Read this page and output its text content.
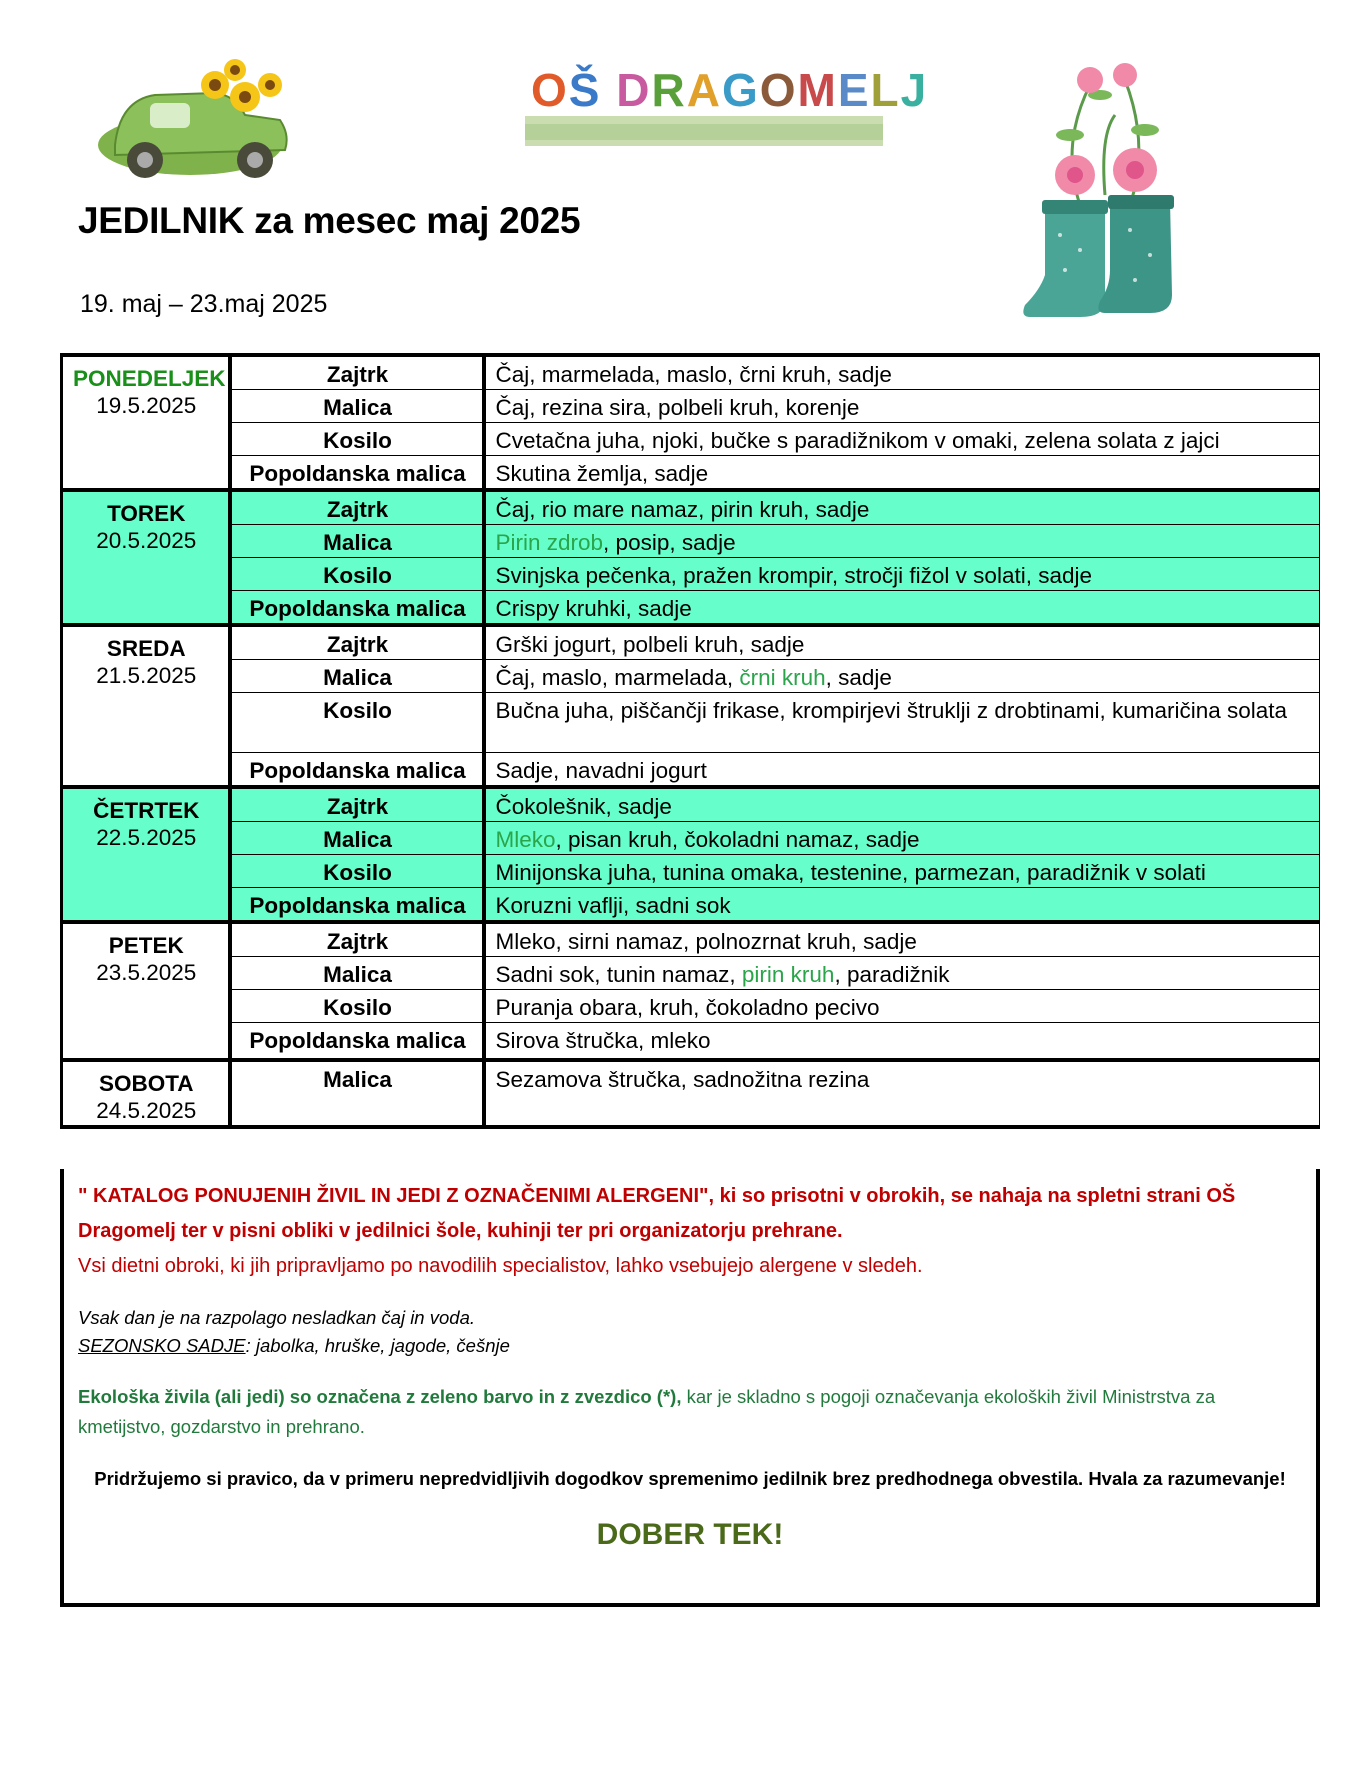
OŠ DRAGOMELJ
JEDILNIK za mesec maj 2025
19. maj – 23.maj 2025
PONEDELJEK
19.5.2025	Zajtrk	Čaj, marmelada, maslo, črni kruh, sadje
	Malica	Čaj, rezina sira, polbeli kruh, korenje
	Kosilo	Cvetačna juha, njoki, bučke s paradižnikom v omaki, zelena solata z jajci
	Popoldanska malica	Skutina žemlja, sadje

TOREK
20.5.2025	Zajtrk	Čaj, rio mare namaz, pirin kruh, sadje
	Malica	Pirin zdrob, posip, sadje
	Kosilo	Svinjska pečenka, pražen krompir, stročji fižol v solati, sadje
	Popoldanska malica	Crispy kruhki, sadje

SREDA
21.5.2025	Zajtrk	Grški jogurt, polbeli kruh, sadje
	Malica	Čaj, maslo, marmelada, črni kruh, sadje
	Kosilo	Bučna juha, piščančji frikase, krompirjevi štruklji z drobtinami, kumaričina solata
	Popoldanska malica	Sadje, navadni jogurt

ČETRTEK
22.5.2025	Zajtrk	Čokolešnik, sadje
	Malica	Mleko, pisan kruh, čokoladni namaz, sadje
	Kosilo	Minijonska juha, tunina omaka, testenine, parmezan, paradižnik v solati
	Popoldanska malica	Koruzni vaflji, sadni sok

PETEK
23.5.2025	Zajtrk	Mleko, sirni namaz, polnozrnat kruh, sadje
	Malica	Sadni sok, tunin namaz, pirin kruh, paradižnik
	Kosilo	Puranja obara, kruh, čokoladno pecivo
	Popoldanska malica	Sirova štručka, mleko

SOBOTA
24.5.2025	Malica	Sezamova štručka, sadnožitna rezina
" KATALOG PONUJENIH ŽIVIL IN JEDI Z OZNAČENIMI ALERGENI", ki so prisotni v obrokih, se nahaja na spletni strani OŠ Dragomelj ter v pisni obliki v jedilnici šole, kuhinji ter pri organizatorju prehrane.
Vsi dietni obroki, ki jih pripravljamo po navodilih specialistov, lahko vsebujejo alergene v sledeh.
Vsak dan je na razpolago nesladkan čaj in voda.
SEZONSKO SADJE: jabolka, hruške, jagode, češnje
Ekološka živila (ali jedi) so označena z zeleno barvo in z zvezdico (*), kar je skladno s pogoji označevanja ekoloških živil Ministrstva za kmetijstvo, gozdarstvo in prehrano.
Pridržujemo si pravico, da v primeru nepredvidljivih dogodkov spremenimo jedilnik brez predhodnega obvestila. Hvala za razumevanje!
DOBER TEK!
